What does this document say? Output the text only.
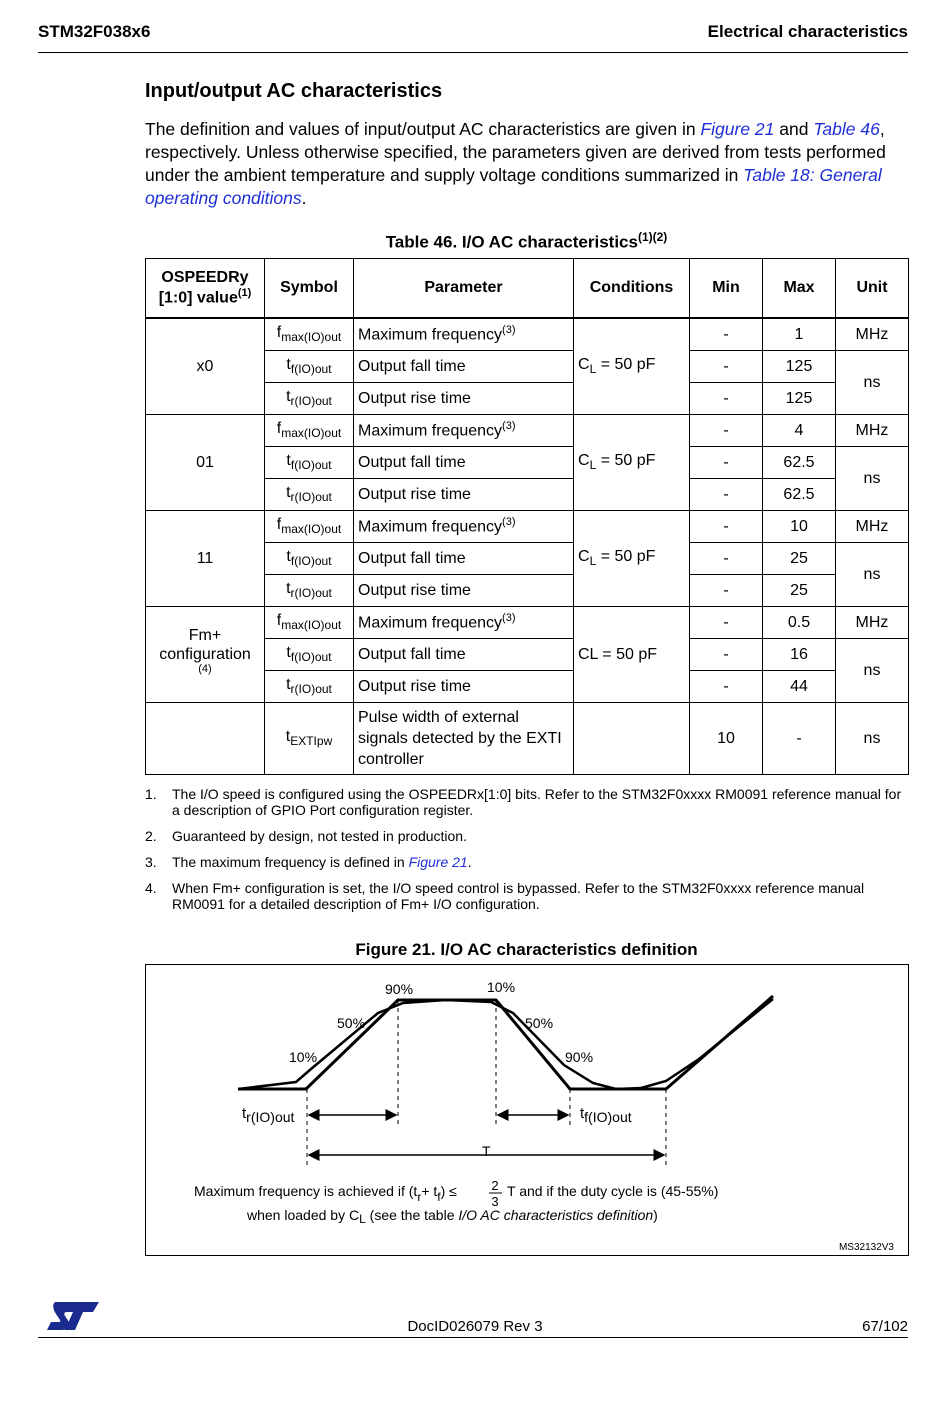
STM32F038x6	Electrical characteristics
Input/output AC characteristics
The definition and values of input/output AC characteristics are given in Figure 21 and Table 46, respectively. Unless otherwise specified, the parameters given are derived from tests performed under the ambient temperature and supply voltage conditions summarized in Table 18: General operating conditions.
Table 46. I/O AC characteristics$^{(1)(2)}$
OSPEEDRy
[1:0] value$^{(1)}$	Symbol	Parameter	Conditions	Min	Max	Unit
x0	$f_{max(IO)out}$	Maximum frequency$^{(3)}$	$C_L = 50$ pF	-	1	MHz
	$t_{f(IO)out}$	Output fall time		-	125	ns
	$t_{r(IO)out}$	Output rise time		-	125	
01	$f_{max(IO)out}$	Maximum frequency$^{(3)}$	$C_L = 50$ pF	-	4	MHz
	$t_{f(IO)out}$	Output fall time		-	62.5	ns
	$t_{r(IO)out}$	Output rise time		-	62.5	
11	$f_{max(IO)out}$	Maximum frequency$^{(3)}$	$C_L = 50$ pF	-	10	MHz
	$t_{f(IO)out}$	Output fall time		-	25	ns
	$t_{r(IO)out}$	Output rise time		-	25	
Fm+
configuration
(4)	$f_{max(IO)out}$	Maximum frequency$^{(3)}$	CL = 50 pF	-	0.5	MHz
	$t_{f(IO)out}$	Output fall time		-	16	ns
	$t_{r(IO)out}$	Output rise time		-	44	
	$t_{EXTIpw}$	Pulse width of external signals detected by the EXTI controller		10	-	ns
1. The I/O speed is configured using the OSPEEDRx[1:0] bits. Refer to the STM32F0xxxx RM0091 reference manual for a description of GPIO Port configuration register.
2. Guaranteed by design, not tested in production.
3. The maximum frequency is defined in Figure 21.
4. When Fm+ configuration is set, the I/O speed control is bypassed. Refer to the STM32F0xxxx reference manual RM0091 for a detailed description of Fm+ I/O configuration.
Figure 21. I/O AC characteristics definition
90%	10%
50%	50%
10%	90%
tr(IO)out	tf(IO)out
T
Maximum frequency is achieved if (tr+ tf) ≤	2
3
T and if the duty cycle is (45-55%)
when loaded by CL (see the table I/O AC characteristics definition)
MS32132V3
DocID026079 Rev 3	67/102
